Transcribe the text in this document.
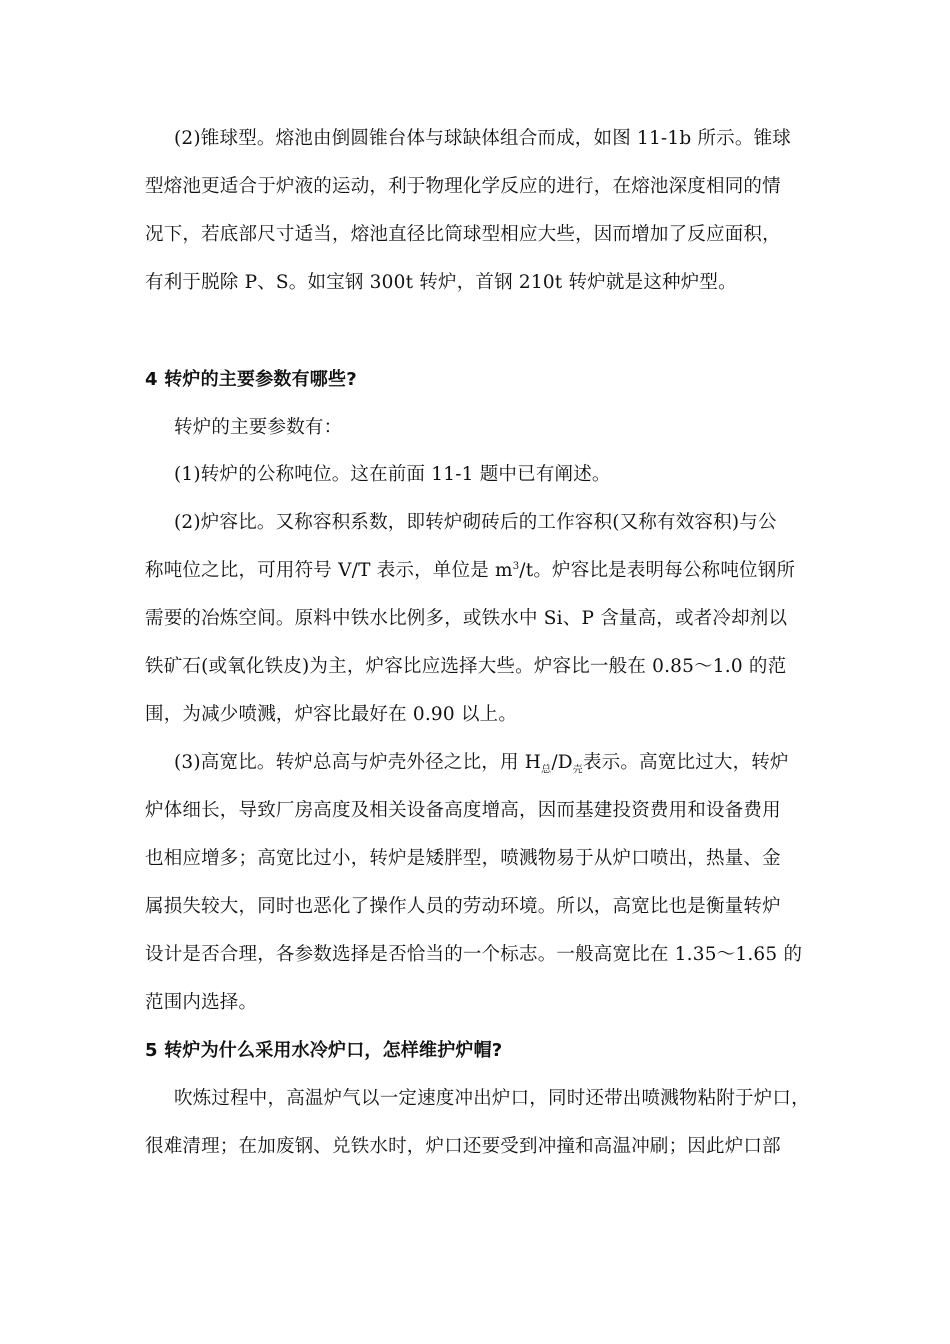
(2)锥球型。熔池由倒圆锥台体与球缺体组合而成，如图 11-1b 所示。锥球
型熔池更适合于炉液的运动，利于物理化学反应的进行，在熔池深度相同的情
况下，若底部尺寸适当，熔池直径比筒球型相应大些，因而增加了反应面积，
有利于脱除 P、S。如宝钢 300t 转炉，首钢 210t 转炉就是这种炉型。
4 转炉的主要参数有哪些?
转炉的主要参数有：
(1)转炉的公称吨位。这在前面 11-1 题中已有阐述。
(2)炉容比。又称容积系数，即转炉砌砖后的工作容积(又称有效容积)与公
称吨位之比，可用符号 V/T 表示，单位是 $m^3/t$。炉容比是表明每公称吨位钢所
需要的冶炼空间。原料中铁水比例多，或铁水中 Si、P 含量高，或者冷却剂以
铁矿石(或氧化铁皮)为主，炉容比应选择大些。炉容比一般在 0.85～1.0 的范
围，为减少喷溅，炉容比最好在 0.90 以上。
(3)高宽比。转炉总高与炉壳外径之比，用 $H_总/D_壳$表示。高宽比过大，转炉
炉体细长，导致厂房高度及相关设备高度增高，因而基建投资费用和设备费用
也相应增多；高宽比过小，转炉是矮胖型，喷溅物易于从炉口喷出，热量、金
属损失较大，同时也恶化了操作人员的劳动环境。所以，高宽比也是衡量转炉
设计是否合理，各参数选择是否恰当的一个标志。一般高宽比在 1.35～1.65 的
范围内选择。
5 转炉为什么采用水冷炉口，怎样维护炉帽?
吹炼过程中，高温炉气以一定速度冲出炉口，同时还带出喷溅物粘附于炉口，
很难清理；在加废钢、兑铁水时，炉口还要受到冲撞和高温冲刷；因此炉口部
